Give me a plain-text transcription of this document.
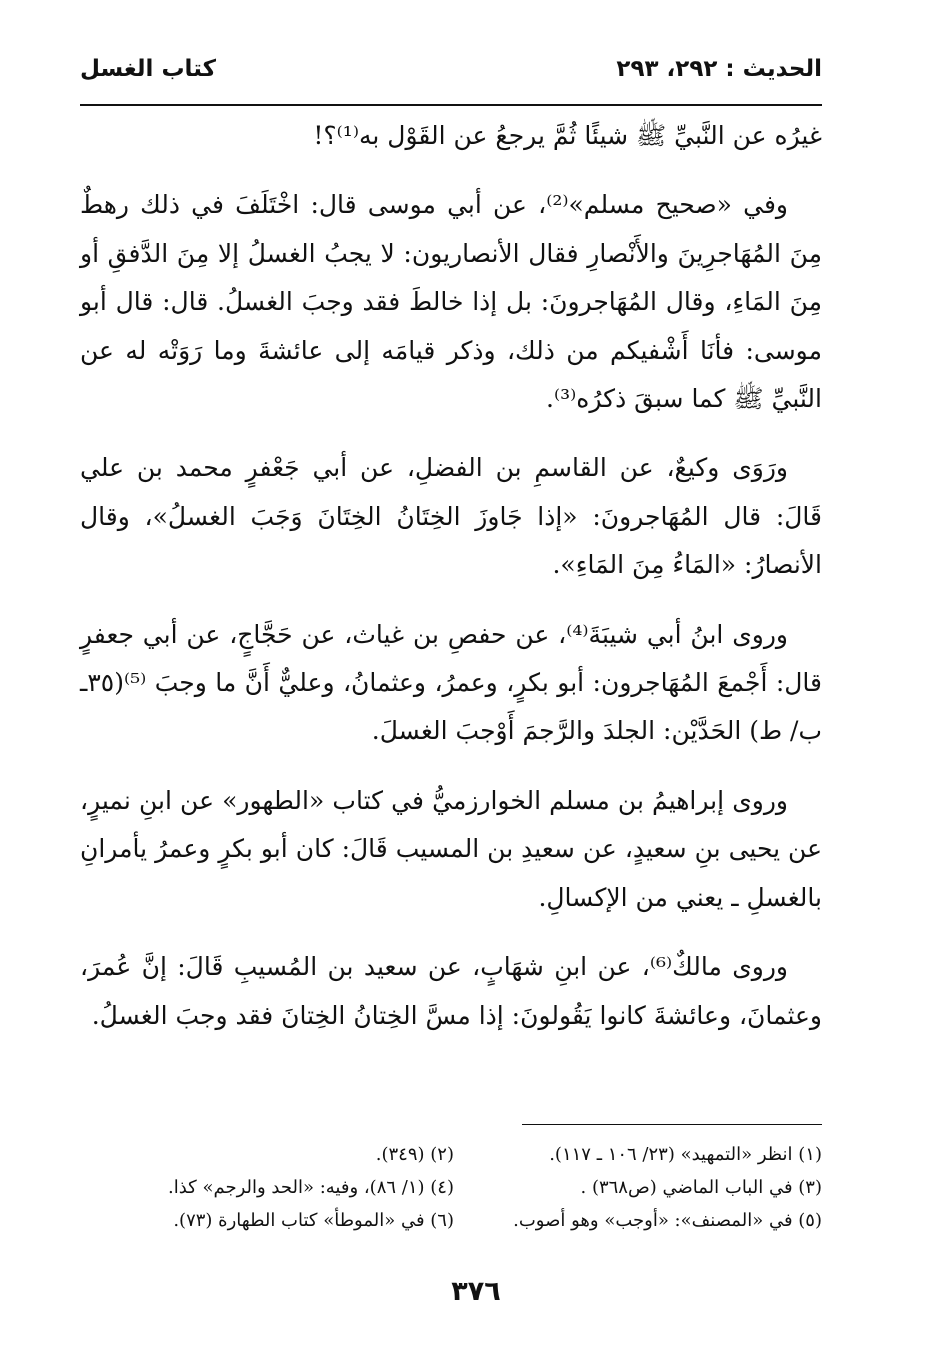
الحديث : ٢٩٢، ٢٩٣
كتاب الغسل

غيرُه عن النَّبيِّ ﷺ شيئًا ثُمَّ يرجعُ عن القَوْل به⁽¹⁾؟!

وفي «صحيح مسلم»⁽²⁾، عن أبي موسى قال: اخْتَلَفَ في ذلك رهطٌ مِنَ المُهَاجرِينَ والأَنْصارِ فقال الأنصاريون: لا يجبُ الغسلُ إلا مِنَ الدَّفقِ أو مِنَ المَاءِ، وقال المُهَاجرونَ: بل إذا خالطَ فقد وجبَ الغسلُ. قال: قال أبو موسى: فأنَا أَشْفيكم من ذلك، وذكر قيامَه إلى عائشةَ وما رَوَتْه له عن النَّبيِّ ﷺ كما سبقَ ذكرُه⁽³⁾.

ورَوَى وكيعٌ، عن القاسمِ بن الفضلِ، عن أبي جَعْفرٍ محمد بن علي قَالَ: قال المُهَاجرونَ: «إذا جَاوزَ الخِتَانُ الخِتَانَ وَجَبَ الغسلُ»، وقال الأنصارُ: «المَاءُ مِنَ المَاءِ».

وروى ابنُ أبي شيبَةَ⁽⁴⁾، عن حفصِ بن غياث، عن حَجَّاجٍ، عن أبي جعفرٍ قال: أَجْمعَ المُهَاجرون: أبو بكرٍ، وعمرُ، وعثمانُ، وعليٌّ أَنَّ ما وجبَ ⁽⁵⁾(٣٥ـ ب/ ط) الحَدَّيْن: الجلدَ والرَّجمَ أَوْجبَ الغسلَ.

وروى إبراهيمُ بن مسلم الخوارزميُّ في كتاب «الطهور» عن ابنِ نميرٍ، عن يحيى بنِ سعيدٍ، عن سعيدِ بن المسيب قَالَ: كان أبو بكرٍ وعمرُ يأمرانِ بالغسلِ ـ يعني من الإكسالِ.

وروى مالكٌ⁽⁶⁾، عن ابنِ شهَابٍ، عن سعيد بن المُسيبِ قَالَ: إنَّ عُمرَ، وعثمانَ، وعائشةَ كانوا يَقُولونَ: إذا مسَّ الخِتانُ الخِتانَ فقد وجبَ الغسلُ.

(١) انظر «التمهيد» (٢٣/ ١٠٦ ـ ١١٧).
(٢) (٣٤٩).
(٣) في الباب الماضي (ص٣٦٨) .
(٤) (١/ ٨٦)، وفيه: «الحد والرجم» كذا.
(٥) في «المصنف»: «أوجب» وهو أصوب.
(٦) في «الموطأ» كتاب الطهارة (٧٣).
٣٧٦
